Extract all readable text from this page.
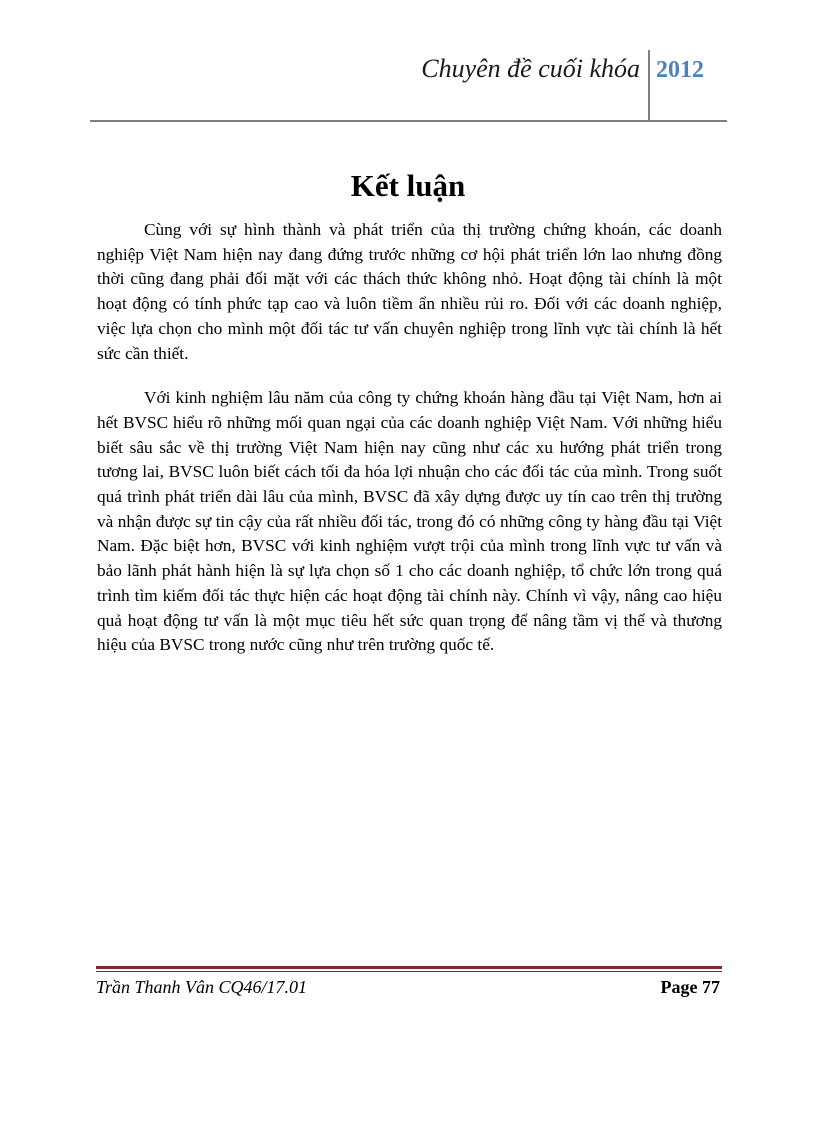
Chuyên đề cuối khóa 2012
Kết luận

Cùng với sự hình thành và phát triển của thị trường chứng khoán, các doanh nghiệp Việt Nam hiện nay đang đứng trước những cơ hội phát triển lớn lao nhưng đồng thời cũng đang phải đối mặt với các thách thức không nhỏ. Hoạt động tài chính là một hoạt động có tính phức tạp cao và luôn tiềm ẩn nhiều rủi ro. Đối với các doanh nghiệp, việc lựa chọn cho mình một đối tác tư vấn chuyên nghiệp trong lĩnh vực tài chính là hết sức cần thiết.

Với kinh nghiệm lâu năm của công ty chứng khoán hàng đầu tại Việt Nam, hơn ai hết BVSC hiểu rõ những mối quan ngại của các doanh nghiệp Việt Nam. Với những hiểu biết sâu sắc về thị trường Việt Nam hiện nay cũng như các xu hướng phát triển trong tương lai, BVSC luôn biết cách tối đa hóa lợi nhuận cho các đối tác của mình. Trong suốt quá trình phát triển dài lâu của mình, BVSC đã xây dựng được uy tín cao trên thị trường và nhận được sự tin cậy của rất nhiều đối tác, trong đó có những công ty hàng đầu tại Việt Nam. Đặc biệt hơn, BVSC với kinh nghiệm vượt trội của mình trong lĩnh vực tư vấn và bảo lãnh phát hành hiện là sự lựa chọn số 1 cho các doanh nghiệp, tổ chức lớn trong quá trình tìm kiếm đối tác thực hiện các hoạt động tài chính này. Chính vì vậy, nâng cao hiệu quả hoạt động tư vấn là một mục tiêu hết sức quan trọng để nâng tầm vị thế và thương hiệu của BVSC trong nước cũng như trên trường quốc tế.

Trần Thanh Vân CQ46/17.01	Page 77
